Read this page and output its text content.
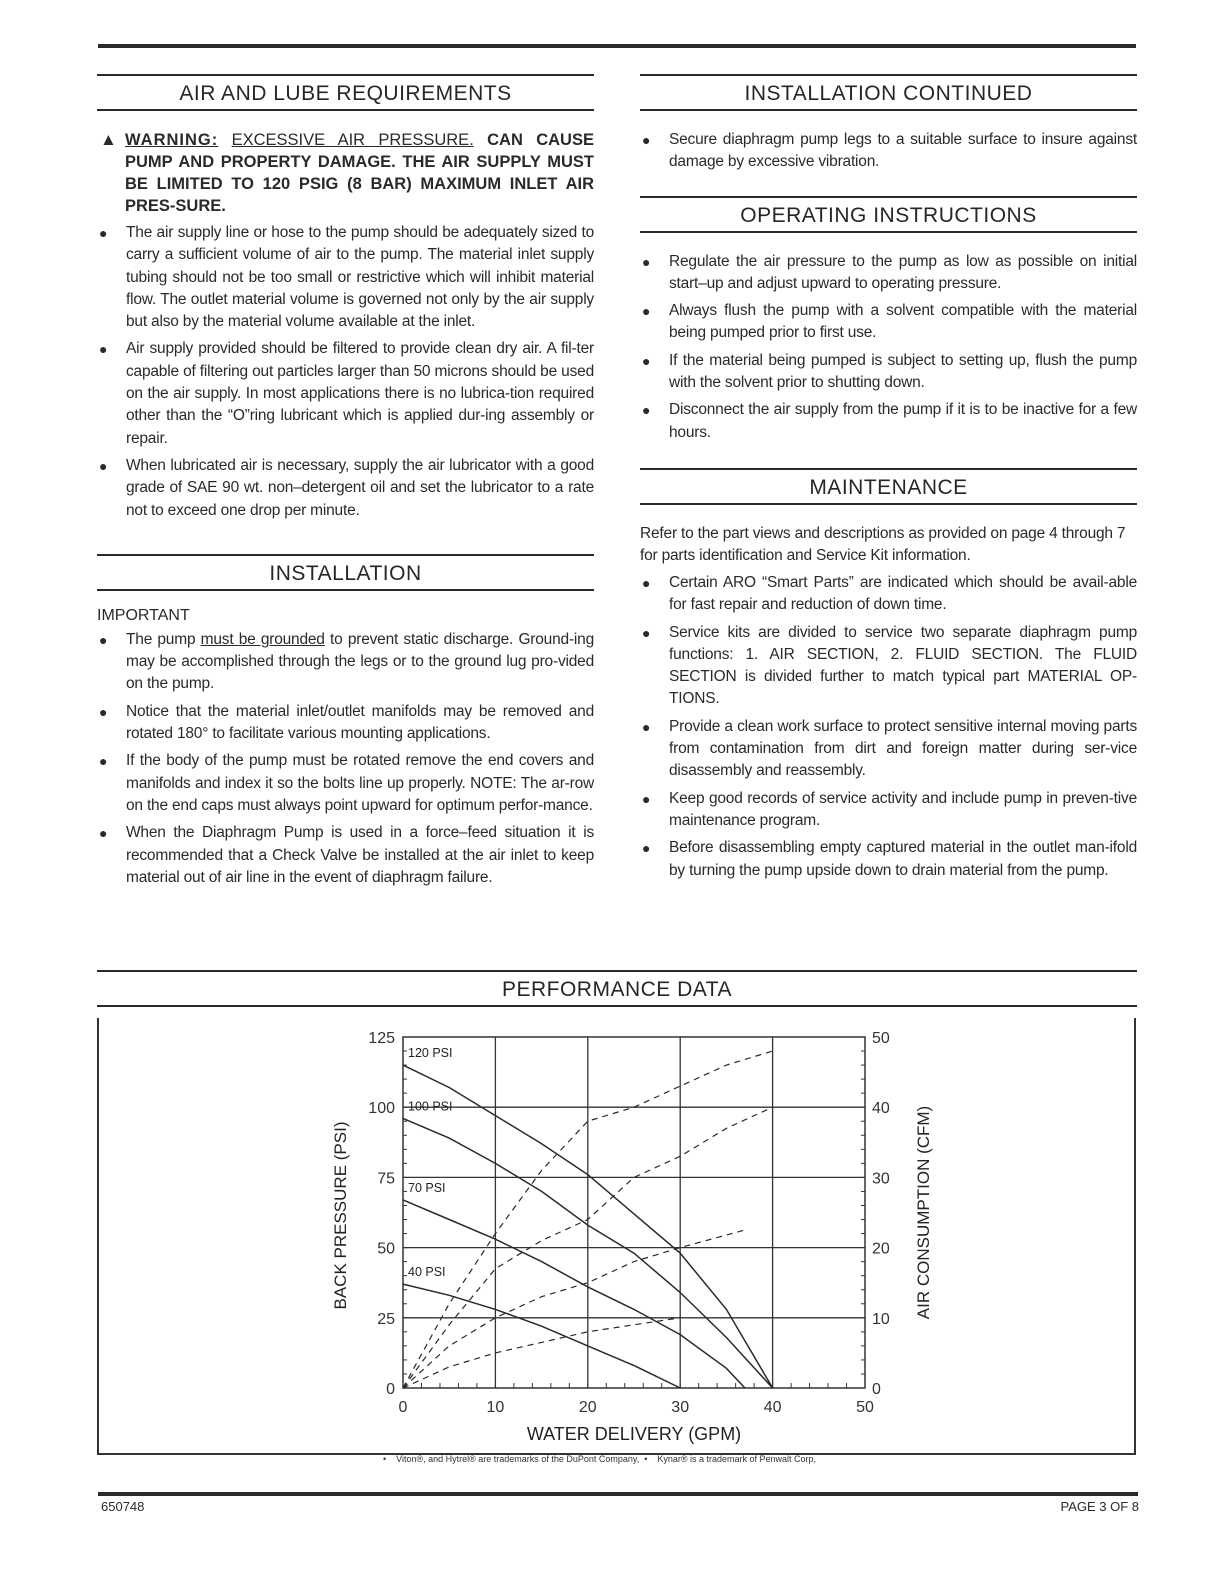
AIR AND LUBE REQUIREMENTS
▲ WARNING: EXCESSIVE AIR PRESSURE. CAN CAUSE PUMP AND PROPERTY DAMAGE. THE AIR SUPPLY MUST BE LIMITED TO 120 PSIG (8 BAR) MAXIMUM INLET AIR PRES-SURE.
● The air supply line or hose to the pump should be adequately sized to carry a sufficient volume of air to the pump. The material inlet supply tubing should not be too small or restrictive which will inhibit material flow. The outlet material volume is governed not only by the air supply but also by the material volume available at the inlet.
● Air supply provided should be filtered to provide clean dry air. A fil-ter capable of filtering out particles larger than 50 microns should be used on the air supply. In most applications there is no lubrica-tion required other than the “O”ring lubricant which is applied dur-ing assembly or repair.
● When lubricated air is necessary, supply the air lubricator with a good grade of SAE 90 wt. non–detergent oil and set the lubricator to a rate not to exceed one drop per minute.
INSTALLATION
IMPORTANT
● The pump must be grounded to prevent static discharge. Ground-ing may be accomplished through the legs or to the ground lug pro-vided on the pump.
● Notice that the material inlet/outlet manifolds may be removed and rotated 180° to facilitate various mounting applications.
● If the body of the pump must be rotated remove the end covers and manifolds and index it so the bolts line up properly. NOTE: The ar-row on the end caps must always point upward for optimum perfor-mance.
● When the Diaphragm Pump is used in a force–feed situation it is recommended that a Check Valve be installed at the air inlet to keep material out of air line in the event of diaphragm failure.
INSTALLATION CONTINUED
● Secure diaphragm pump legs to a suitable surface to insure against damage by excessive vibration.
OPERATING INSTRUCTIONS
● Regulate the air pressure to the pump as low as possible on initial start–up and adjust upward to operating pressure.
● Always flush the pump with a solvent compatible with the material being pumped prior to first use.
● If the material being pumped is subject to setting up, flush the pump with the solvent prior to shutting down.
● Disconnect the air supply from the pump if it is to be inactive for a few hours.
MAINTENANCE
Refer to the part views and descriptions as provided on page 4 through 7 for parts identification and Service Kit information.
● Certain ARO “Smart Parts” are indicated which should be avail-able for fast repair and reduction of down time.
● Service kits are divided to service two separate diaphragm pump functions: 1. AIR SECTION, 2. FLUID SECTION. The FLUID SECTION is divided further to match typical part MATERIAL OP-TIONS.
● Provide a clean work surface to protect sensitive internal moving parts from contamination from dirt and foreign matter during ser-vice disassembly and reassembly.
● Keep good records of service activity and include pump in preven-tive maintenance program.
● Before disassembling empty captured material in the outlet man-ifold by turning the pump upside down to drain material from the pump.
PERFORMANCE DATA
0	10	20	30	40	50
0
25
50
75
100
125
0
10
20
30
40
50
WATER DELIVERY (GPM)
BACK PRESSURE (PSI)	AIR CONSUMPTION (CFM)
120 PSI
100 PSI
70 PSI
40 PSI
•    Viton®, and Hytrel® are trademarks of the DuPont Company,  •    Kynar® is a trademark of Penwalt Corp,
650748	PAGE 3 OF 8
